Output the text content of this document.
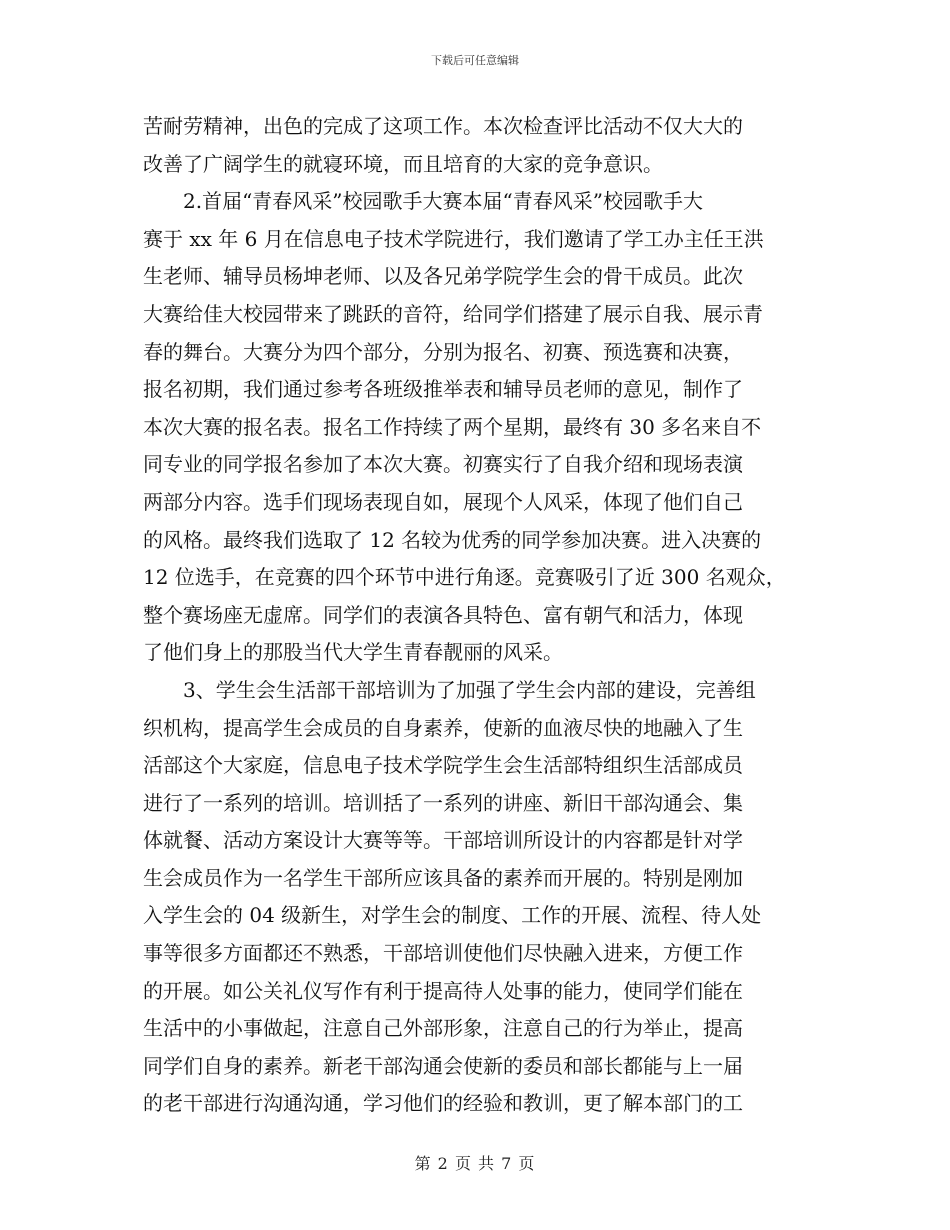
下载后可任意编辑
苦耐劳精神，出色的完成了这项工作。本次检查评比活动不仅大大的
改善了广阔学生的就寝环境，而且培育的大家的竞争意识。
2.首届“青春风采”校园歌手大赛本届“青春风采”校园歌手大
赛于 xx 年 6 月在信息电子技术学院进行，我们邀请了学工办主任王洪
生老师、辅导员杨坤老师、以及各兄弟学院学生会的骨干成员。此次
大赛给佳大校园带来了跳跃的音符，给同学们搭建了展示自我、展示青
春的舞台。大赛分为四个部分，分别为报名、初赛、预选赛和决赛，
报名初期，我们通过参考各班级推举表和辅导员老师的意见，制作了
本次大赛的报名表。报名工作持续了两个星期，最终有 30 多名来自不
同专业的同学报名参加了本次大赛。初赛实行了自我介绍和现场表演
两部分内容。选手们现场表现自如，展现个人风采，体现了他们自己
的风格。最终我们选取了 12 名较为优秀的同学参加决赛。进入决赛的
12 位选手，在竞赛的四个环节中进行角逐。竞赛吸引了近 300 名观众，
整个赛场座无虚席。同学们的表演各具特色、富有朝气和活力，体现
了他们身上的那股当代大学生青春靓丽的风采。
3、学生会生活部干部培训为了加强了学生会内部的建设，完善组
织机构，提高学生会成员的自身素养，使新的血液尽快的地融入了生
活部这个大家庭，信息电子技术学院学生会生活部特组织生活部成员
进行了一系列的培训。培训括了一系列的讲座、新旧干部沟通会、集
体就餐、活动方案设计大赛等等。干部培训所设计的内容都是针对学
生会成员作为一名学生干部所应该具备的素养而开展的。特别是刚加
入学生会的 04 级新生，对学生会的制度、工作的开展、流程、待人处
事等很多方面都还不熟悉，干部培训使他们尽快融入进来，方便工作
的开展。如公关礼仪写作有利于提高待人处事的能力，使同学们能在
生活中的小事做起，注意自己外部形象，注意自己的行为举止，提高
同学们自身的素养。新老干部沟通会使新的委员和部长都能与上一届
的老干部进行沟通沟通，学习他们的经验和教训，更了解本部门的工
第 2 页 共 7 页
